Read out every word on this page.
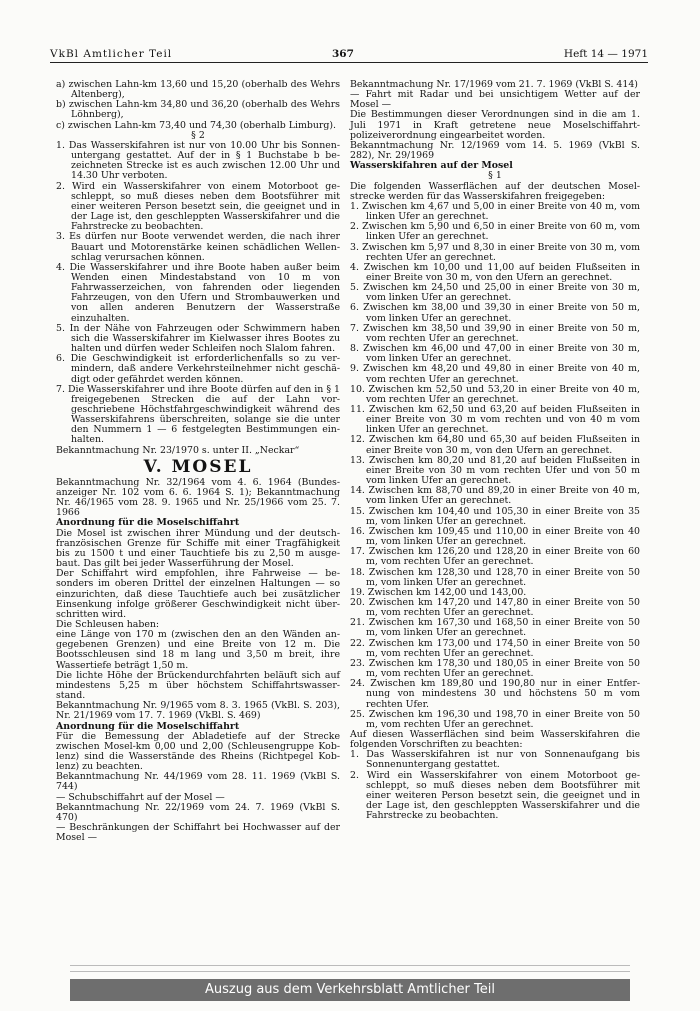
VkBl Amtlicher Teil	367	Heft 14 — 1971

a) zwischen Lahn-km 13,60 und 15,20 (oberhalb des Wehrs Altenberg),

b) zwischen Lahn-km 34,80 und 36,20 (oberhalb des Wehrs Löhnberg),

c) zwischen Lahn-km 73,40 und 74,30 (oberhalb Limburg).

§ 2

1. Das Wasserskifahren ist nur von 10.00 Uhr bis Sonnen- untergang gestattet. Auf der in § 1 Buchstabe b be- zeichneten Strecke ist es auch zwischen 12.00 Uhr und 14.30 Uhr verboten.

2. Wird ein Wasserskifahrer von einem Motorboot ge- schleppt, so muß dieses neben dem Bootsführer mit einer weiteren Person besetzt sein, die geeignet und in der Lage ist, den geschleppten Wasserskifahrer und die Fahrstrecke zu beobachten.

3. Es dürfen nur Boote verwendet werden, die nach ihrer Bauart und Motorenstärke keinen schädlichen Wellen- schlag verursachen können.

4. Die Wasserskifahrer und ihre Boote haben außer beim Wenden einen Mindestabstand von 10 m von Fahrwasserzeichen, von fahrenden oder liegenden Fahrzeugen, von den Ufern und Strombauwerken und von allen anderen Benutzern der Wasserstraße einzuhalten.

5. In der Nähe von Fahrzeugen oder Schwimmern haben sich die Wasserskifahrer im Kielwasser ihres Bootes zu halten und dürfen weder Schleifen noch Slalom fahren.

6. Die Geschwindigkeit ist erforderlichenfalls so zu ver- mindern, daß andere Verkehrsteilnehmer nicht geschä- digt oder gefährdet werden können.

7. Die Wasserskifahrer und ihre Boote dürfen auf den in § 1 freigegebenen Strecken die auf der Lahn vor- geschriebene Höchstfahrgeschwindigkeit während des Wasserskifahrens überschreiten, solange sie die unter den Nummern 1 — 6 festgelegten Bestimmungen ein- halten.

Bekanntmachung Nr. 23/1970 s. unter II. „Neckar“

V. MOSEL

Bekanntmachung Nr. 32/1964 vom 4. 6. 1964 (Bundes- anzeiger Nr. 102 vom 6. 6. 1964 S. 1); Bekanntmachung Nr. 46/1965 vom 28. 9. 1965 und Nr. 25/1966 vom 25. 7. 1966

Anordnung für die Moselschiffahrt

Die Mosel ist zwischen ihrer Mündung und der deutsch- französischen Grenze für Schiffe mit einer Tragfähigkeit bis zu 1500 t und einer Tauchtiefe bis zu 2,50 m ausge- baut. Das gilt bei jeder Wasserführung der Mosel.

Der Schiffahrt wird empfohlen, ihre Fahrweise — be- sonders im oberen Drittel der einzelnen Haltungen — so einzurichten, daß diese Tauchtiefe auch bei zusätzlicher Einsenkung infolge größerer Geschwindigkeit nicht über- schritten wird.

Die Schleusen haben:

eine Länge von 170 m (zwischen den an den Wänden an- gegebenen Grenzen) und eine Breite von 12 m. Die Bootsschleusen sind 18 m lang und 3,50 m breit, ihre Wassertiefe beträgt 1,50 m.

Die lichte Höhe der Brückendurchfahrten beläuft sich auf mindestens 5,25 m über höchstem Schiffahrtswasser- stand.

Bekanntmachung Nr. 9/1965 vom 8. 3. 1965 (VkBl. S. 203), Nr. 21/1969 vom 17. 7. 1969 (VkBl. S. 469)

Anordnung für die Moselschiffahrt

Für die Bemessung der Abladetiefe auf der Strecke zwischen Mosel-km 0,00 und 2,00 (Schleusengruppe Kob- lenz) sind die Wasserstände des Rheins (Richtpegel Kob- lenz) zu beachten.

Bekanntmachung Nr. 44/1969 vom 28. 11. 1969 (VkBl S. 744)

— Schubschiffahrt auf der Mosel —

Bekanntmachung Nr. 22/1969 vom 24. 7. 1969 (VkBl S. 470)

— Beschränkungen der Schiffahrt bei Hochwasser auf der Mosel —

Bekanntmachung Nr. 17/1969 vom 21. 7. 1969 (VkBl S. 414)

— Fahrt mit Radar und bei unsichtigem Wetter auf der Mosel —

Die Bestimmungen dieser Verordnungen sind in die am 1. Juli 1971 in Kraft getretene neue Moselschiffahrt- polizeiverordnung eingearbeitet worden.

Bekanntmachung Nr. 12/1969 vom 14. 5. 1969 (VkBl S. 282), Nr. 29/1969

Wasserskifahren auf der Mosel

§ 1

Die folgenden Wasserflächen auf der deutschen Mosel- strecke werden für das Wasserskifahren freigegeben:

1. Zwischen km 4,67 und 5,00 in einer Breite von 40 m, vom linken Ufer an gerechnet.

2. Zwischen km 5,90 und 6,50 in einer Breite von 60 m, vom linken Ufer an gerechnet.

3. Zwischen km 5,97 und 8,30 in einer Breite von 30 m, vom rechten Ufer an gerechnet.

4. Zwischen km 10,00 und 11,00 auf beiden Flußseiten in einer Breite von 30 m, von den Ufern an gerechnet.

5. Zwischen km 24,50 und 25,00 in einer Breite von 30 m, vom linken Ufer an gerechnet.

6. Zwischen km 38,00 und 39,30 in einer Breite von 50 m, vom linken Ufer an gerechnet.

7. Zwischen km 38,50 und 39,90 in einer Breite von 50 m, vom rechten Ufer an gerechnet.

8. Zwischen km 46,00 und 47,00 in einer Breite von 30 m, vom linken Ufer an gerechnet.

9. Zwischen km 48,20 und 49,80 in einer Breite von 40 m, vom rechten Ufer an gerechnet.

10. Zwischen km 52,50 und 53,20 in einer Breite von 40 m, vom rechten Ufer an gerechnet.

11. Zwischen km 62,50 und 63,20 auf beiden Flußseiten in einer Breite von 30 m vom rechten und von 40 m vom linken Ufer an gerechnet.

12. Zwischen km 64,80 und 65,30 auf beiden Flußseiten in einer Breite von 30 m, von den Ufern an gerechnet.

13. Zwischen km 80,20 und 81,20 auf beiden Flußseiten in einer Breite von 30 m vom rechten Ufer und von 50 m vom linken Ufer an gerechnet.

14. Zwischen km 88,70 und 89,20 in einer Breite von 40 m, vom linken Ufer an gerechnet.

15. Zwischen km 104,40 und 105,30 in einer Breite von 35 m, vom linken Ufer an gerechnet.

16. Zwischen km 109,45 und 110,00 in einer Breite von 40 m, vom linken Ufer an gerechnet.

17. Zwischen km 126,20 und 128,20 in einer Breite von 60 m, vom rechten Ufer an gerechnet.

18. Zwischen km 128,30 und 128,70 in einer Breite von 50 m, vom linken Ufer an gerechnet.

19. Zwischen km 142,00 und 143,00.

20. Zwischen km 147,20 und 147,80 in einer Breite von 50 m, vom rechten Ufer an gerechnet.

21. Zwischen km 167,30 und 168,50 in einer Breite von 50 m, vom linken Ufer an gerechnet.

22. Zwischen km 173,00 und 174,50 in einer Breite von 50 m, vom rechten Ufer an gerechnet.

23. Zwischen km 178,30 und 180,05 in einer Breite von 50 m, vom rechten Ufer an gerechnet.

24. Zwischen km 189,80 und 190,80 nur in einer Entfer- nung von mindestens 30 und höchstens 50 m vom rechten Ufer.

25. Zwischen km 196,30 und 198,70 in einer Breite von 50 m, vom rechten Ufer an gerechnet.

Auf diesen Wasserflächen sind beim Wasserskifahren die folgenden Vorschriften zu beachten:

1. Das Wasserskifahren ist nur von Sonnenaufgang bis Sonnenuntergang gestattet.

2. Wird ein Wasserskifahrer von einem Motorboot ge- schleppt, so muß dieses neben dem Bootsführer mit einer weiteren Person besetzt sein, die geeignet und in der Lage ist, den geschleppten Wasserskifahrer und die Fahrstrecke zu beobachten.

Auszug aus dem Verkehrsblatt Amtlicher Teil
